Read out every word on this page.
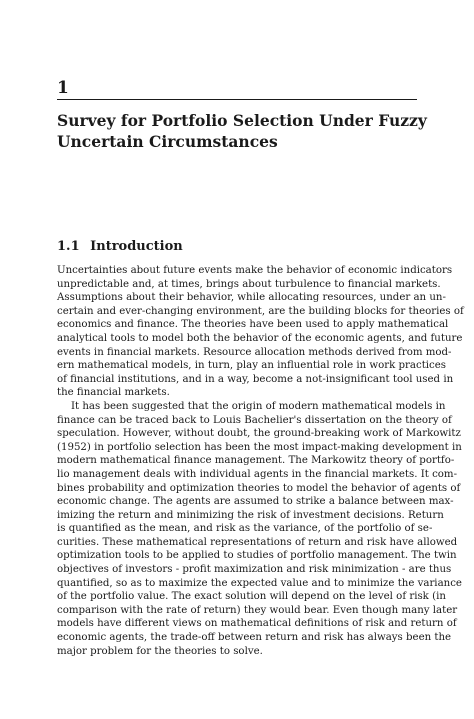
1
Survey for Portfolio Selection Under Fuzzy
Uncertain Circumstances
1.1 Introduction
Uncertainties about future events make the behavior of economic indicators
unpredictable and, at times, brings about turbulence to financial markets.
Assumptions about their behavior, while allocating resources, under an un-
certain and ever-changing environment, are the building blocks for theories of
economics and finance. The theories have been used to apply mathematical
analytical tools to model both the behavior of the economic agents, and future
events in financial markets. Resource allocation methods derived from mod-
ern mathematical models, in turn, play an influential role in work practices
of financial institutions, and in a way, become a not-insignificant tool used in
the financial markets.
It has been suggested that the origin of modern mathematical models in
finance can be traced back to Louis Bachelier's dissertation on the theory of
speculation. However, without doubt, the ground-breaking work of Markowitz
(1952) in portfolio selection has been the most impact-making development in
modern mathematical finance management. The Markowitz theory of portfo-
lio management deals with individual agents in the financial markets. It com-
bines probability and optimization theories to model the behavior of agents of
economic change. The agents are assumed to strike a balance between max-
imizing the return and minimizing the risk of investment decisions. Return
is quantified as the mean, and risk as the variance, of the portfolio of se-
curities. These mathematical representations of return and risk have allowed
optimization tools to be applied to studies of portfolio management. The twin
objectives of investors - profit maximization and risk minimization - are thus
quantified, so as to maximize the expected value and to minimize the variance
of the portfolio value. The exact solution will depend on the level of risk (in
comparison with the rate of return) they would bear. Even though many later
models have different views on mathematical definitions of risk and return of
economic agents, the trade-off between return and risk has always been the
major problem for the theories to solve.
